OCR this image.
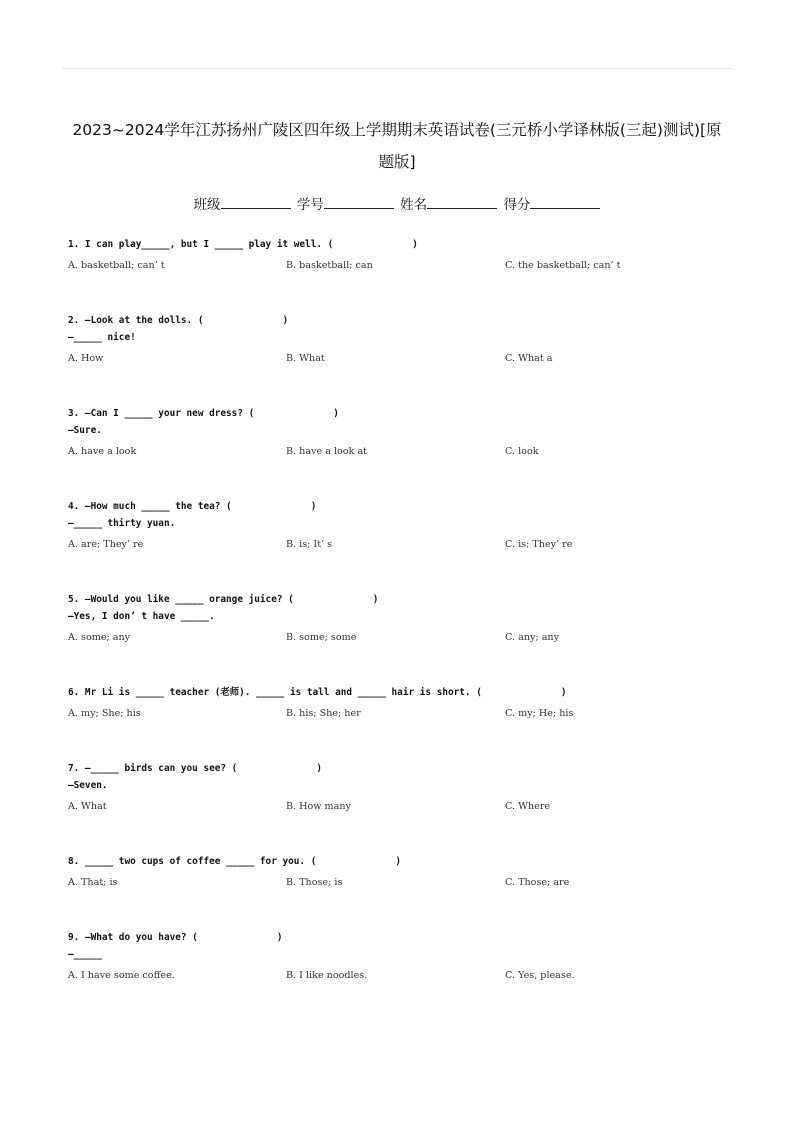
2023~2024学年江苏扬州广陵区四年级上学期期末英语试卷(三元桥小学译林版(三起)测试)[原
题版]
班级	学号	姓名	得分
1. I can play_____, but I _____ play it well. (              )
A. basketball; can’ t	B. basketball; can	C. the basketball; can’ t
2. —Look at the dolls. (              )
—_____ nice!
A. How	B. What	C. What a
3. —Can I _____ your new dress? (              )
—Sure.
A. have a look	B. have a look at	C. look
4. —How much _____ the tea? (              )
—_____ thirty yuan.
A. are; They’ re	B. is; It’ s	C. is; They’ re
5. —Would you like _____ orange juice? (              )
—Yes, I don’ t have _____.
A. some; any	B. some; some	C. any; any
6. Mr Li is _____ teacher (老师). _____ is tall and _____ hair is short. (              )
A. my; She; his	B. his; She; her	C. my; He; his
7. —_____ birds can you see? (              )
—Seven.
A. What	B. How many	C. Where
8. _____ two cups of coffee _____ for you. (              )
A. That; is	B. Those; is	C. Those; are
9. —What do you have? (              )
—_____
A. I have some coffee.	B. I like noodles.	C. Yes, please.
